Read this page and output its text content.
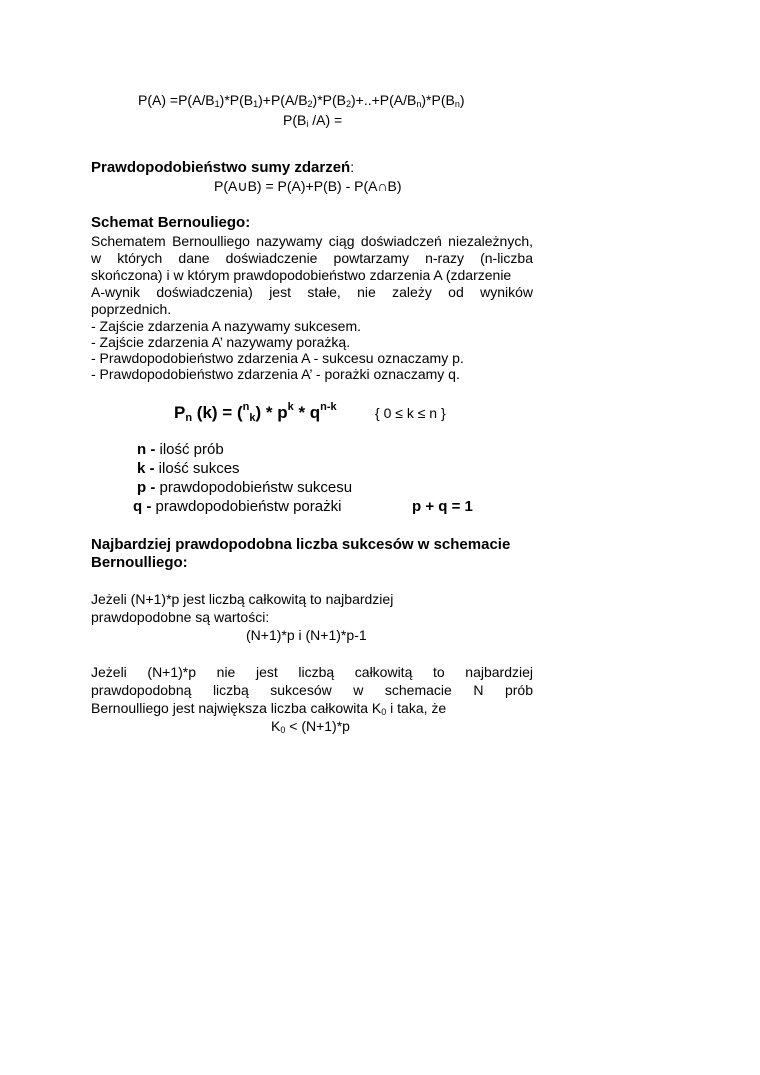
$P(A) =P(A/B_1)*P(B_1)+P(A/B_2)*P(B_2)+..+P(A/B_n)*P(B_n)$
$P(B_i$ /A) =
Prawdopodobieństwo sumy zdarzeń:
P(A∪B) = P(A)+P(B) - P(A∩B)
Schemat Bernouliego:
Schematem Bernoulliego nazywamy ciąg doświadczeń niezależnych,
w których dane doświadczenie powtarzamy n-razy (n-liczba
skończona) i w którym prawdopodobieństwo zdarzenia A (zdarzenie
A-wynik doświadczenia) jest stałe, nie zależy od wyników
poprzednich.
- Zajście zdarzenia A nazywamy sukcesem.
- Zajście zdarzenia A’ nazywamy porażką.
- Prawdopodobieństwo zdarzenia A - sukcesu oznaczamy p.
- Prawdopodobieństwo zdarzenia A’ - porażki oznaczamy q.
$P_n$ $(k) = (^n_k) * p^k * q^{n-k}$	{ 0 ≤ k ≤ n }
n - ilość prób
k - ilość sukces
p - prawdopodobieństw sukcesu
q - prawdopodobieństw porażki	p + q = 1
Najbardziej prawdopodobna liczba sukcesów w schemacie
Bernoulliego:
Jeżeli (N+1)*p jest liczbą całkowitą to najbardziej
prawdopodobne są wartości:
(N+1)*p i (N+1)*p-1
Jeżeli (N+1)*p nie jest liczbą całkowitą to najbardziej
prawdopodobną liczbą sukcesów w schemacie N prób
Bernoulliego jest największa liczba całkowita $K_0$ i taka, że
$K_0 < (N+1)*p$
